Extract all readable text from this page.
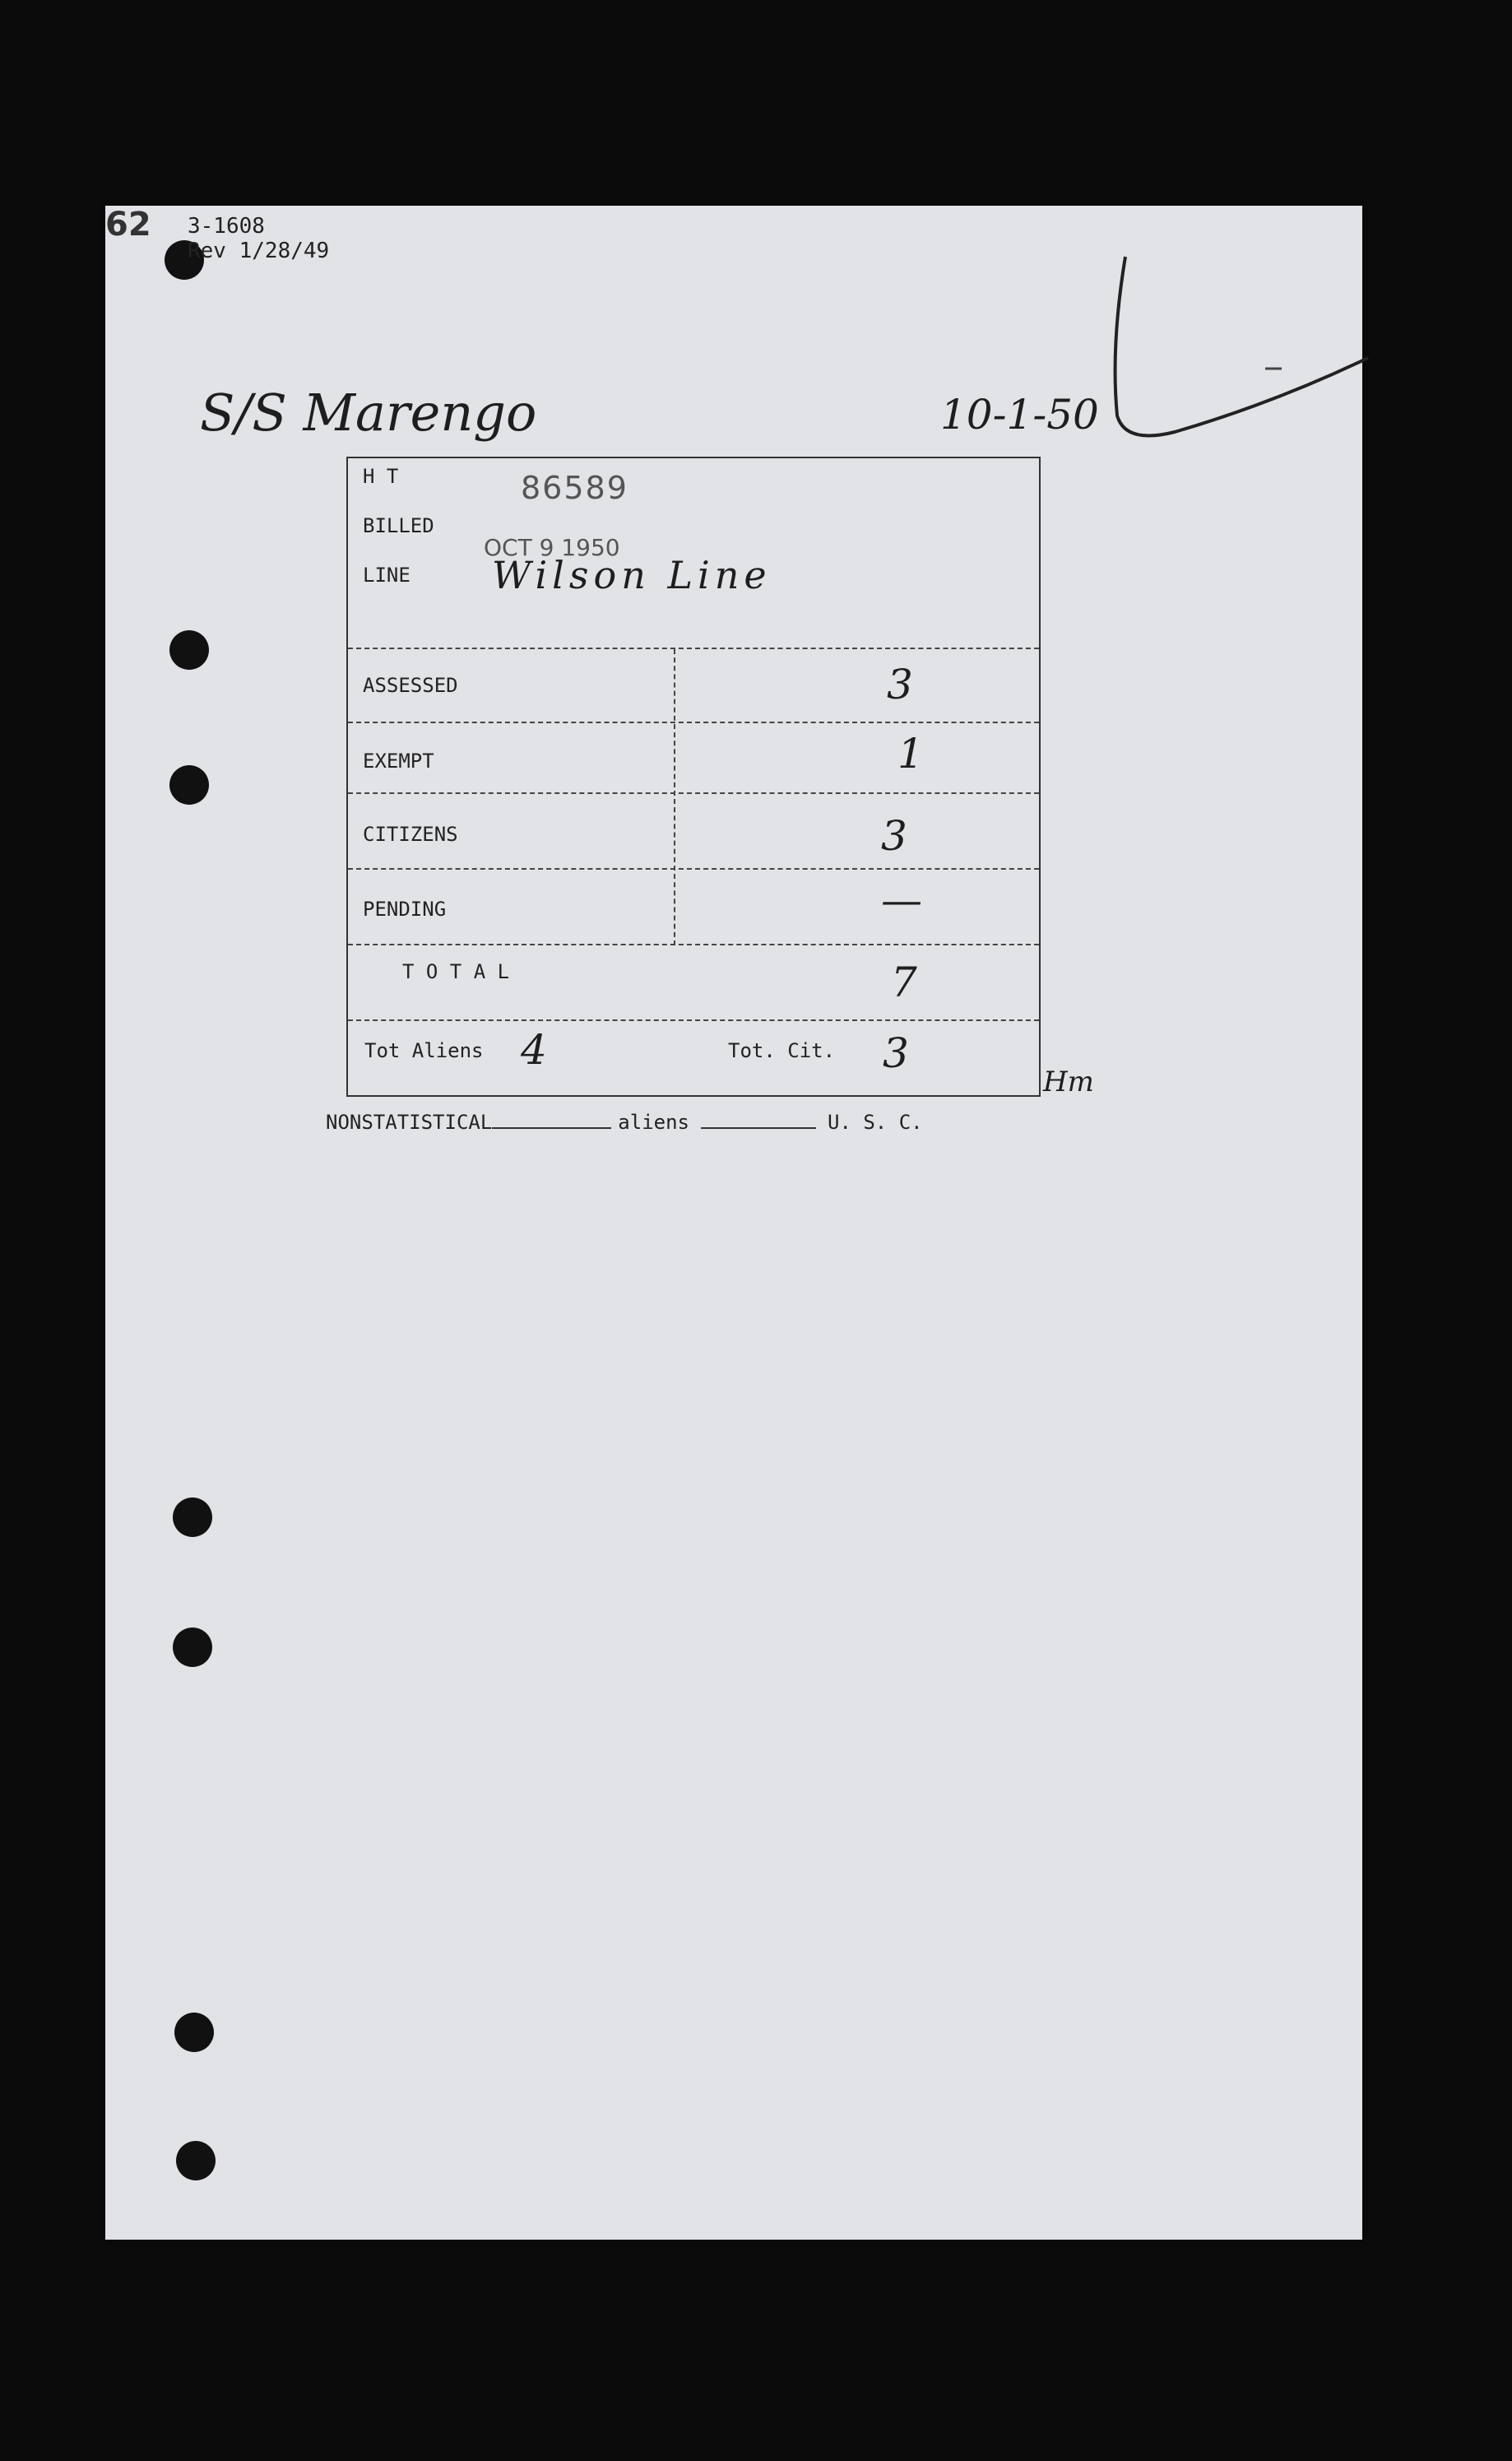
3-1608
Rev 1/28/49
62
S/S Marengo	10-1-50
H T	86589
BILLED
OCT 9 1950
LINE Wilson Line
ASSESSED	3
EXEMPT	1
CITIZENS	3
PENDING	—
T O T A L	7
Tot Aliens 4	Tot. Cit. 3
Hm
NONSTATISTICAL	aliens	U. S. C.
